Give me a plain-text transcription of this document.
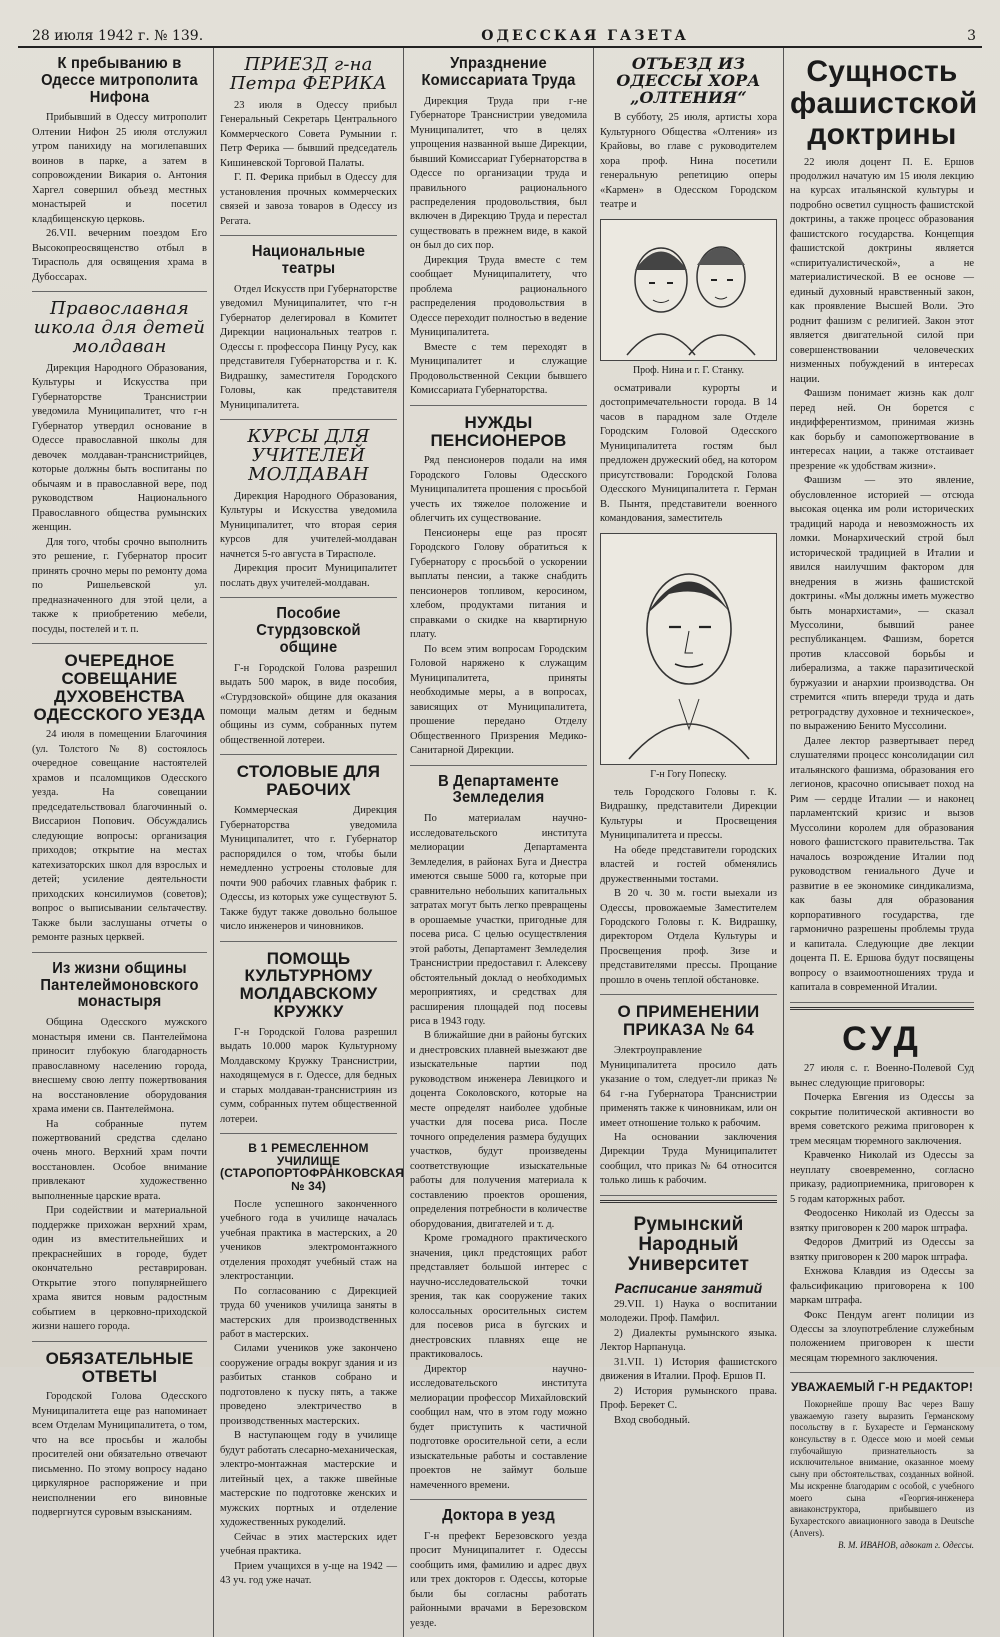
28 июля 1942 г. № 139.	ОДЕССКАЯ ГАЗЕТА	3
К пребыванию в Одессе митрополита Нифона

Прибывший в Одессу митрополит Олтении Нифон 25 июля отслужил утром панихиду на могилепавших воинов в парке, а затем в сопровождении Викария о. Антония Харгел совершил объезд местных монастырей и посетил кладбищенскую церковь.

26.VII. вечерним поездом Его Высокопреосвященство отбыл в Тирасполь для освящения храма в Дубоссарах.

Православная школа для детей молдаван

Дирекция Народного Образования, Культуры и Искусства при Губернаторстве Транснистрии уведомила Муниципалитет, что г-н Губернатор утвердил основание в Одессе православной школы для девочек молдаван-транснистрийцев, которые должны быть воспитаны по обычаям и в православной вере, под руководством Национального Православного общества румынских женщин.

Для того, чтобы срочно выполнить это решение, г. Губернатор просит принять срочно меры по ремонту дома по Ришельевской ул. предназначенного для этой цели, а также к приобретению мебели, посуды, постелей и т. п.

ОЧЕРЕДНОЕ СОВЕЩАНИЕ ДУХОВЕНСТВА ОДЕССКОГО УЕЗДА

24 июля в помещении Благочиния (ул. Толстого № 8) состоялось очередное совещание настоятелей храмов и псаломщиков Одесского уезда. На совещании председательствовал благочинный о. Виссарион Попович. Обсуждались следующие вопросы: организация приходов; открытие на местах катехизаторских школ для взрослых и детей; усиление деятельности приходских консилиумов (советов); вопрос о выписывании сельтачеству. Также были заслушаны отчеты о ремонте разных церквей.

Из жизни общины Пантелеймоновского монастыря

Община Одесского мужского монастыря имени св. Пантелеймона приносит глубокую благодарность православному населению города, внесшему свою лепту пожертвования на восстановление оборудования храма имени св. Пантелеймона.

На собранные путем пожертвований средства сделано очень много. Верхний храм почти восстановлен. Особое внимание привлекают художественно выполненные царские врата.

При содействии и материальной поддержке прихожан верхний храм, один из вместительнейших и прекраснейших в городе, будет окончательно реставрирован. Открытие этого популярнейшего храма явится новым радостным событием в церковно-приходской жизни нашего города.

ОБЯЗАТЕЛЬНЫЕ ОТВЕТЫ

Городской Голова Одесского Муниципалитета еще раз напоминает всем Отделам Муниципалитета, о том, что на все просьбы и жалобы просителей они обязательно отвечают письменно. По этому вопросу надано циркулярное распоряжение и при неисполнении его виновные подвергнутся суровым взысканиям.

ПРИЕЗД г-на Петра ФЕРИКА

23 июля в Одессу прибыл Генеральный Секретарь Центрального Коммерческого Совета Румынии г. Петр Ферика — бывший председатель Кишиневской Торговой Палаты.

Г. П. Ферика прибыл в Одессу для установления прочных коммерческих связей и завоза товаров в Одессу из Регата.

Национальные театры

Отдел Искусств при Губернаторстве уведомил Муниципалитет, что г-н Губернатор делегировал в Комитет Дирекции национальных театров г. Одессы г. профессора Пинцу Русу, как представителя Губернаторства и г. К. Видрашку, заместителя Городского Головы, как представителя Муниципалитета.

КУРСЫ ДЛЯ УЧИТЕЛЕЙ МОЛДАВАН

Дирекция Народного Образования, Культуры и Искусства уведомила Муниципалитет, что вторая серия курсов для учителей-молдаван начнется 5-го августа в Тирасполе.

Дирекция просит Муниципалитет послать двух учителей-молдаван.

Пособие Стурдзовской общине

Г-н Городской Голова разрешил выдать 500 марок, в виде пособия, «Стурдзовской» общине для оказания помощи малым детям и бедным общины из сумм, собранных путем общественной лотереи.

СТОЛОВЫЕ ДЛЯ РАБОЧИХ

Коммерческая Дирекция Губернаторства уведомила Муниципалитет, что г. Губернатор распорядился о том, чтобы были немедленно устроены столовые для почти 900 рабочих главных фабрик г. Одессы, из которых уже существуют 5. Также будут также довольно большое число инженеров и чиновников.

ПОМОЩЬ КУЛЬТУРНОМУ МОЛДАВСКОМУ КРУЖКУ

Г-н Городской Голова разрешил выдать 10.000 марок Культурному Молдавскому Кружку Транснистрии, находящемуся в г. Одессе, для бедных и старых молдаван-транснистриян из сумм, собранных путем общественной лотереи.

В 1 РЕМЕСЛЕННОМ УЧИЛИЩЕ (СТАРОПОРТОФРАНКОВСКАЯ № 34)

После успешного законченного учебного года в училище началась учебная практика в мастерских, а 20 учеников электромонтажного отделения проходят учебный стаж на электростанции.

По согласованию с Дирекцией труда 60 учеников училища заняты в мастерских для производственных работ в мастерских.

Силами учеников уже закончено сооружение ограды вокруг здания и из разбитых станков собрано и подготовлено к пуску пять, а также проведено электричество в производственных мастерских.

В наступающем году в училище будут работать слесарно-механическая, электро-монтажная мастерские и литейный цех, а также швейные мастерские по подготовке женских и мужских портных и отделение художественных рукоделий.

Сейчас в этих мастерских идет учебная практика.

Прием учащихся в у-ще на 1942 — 43 уч. год уже начат.

Упразднение Комиссариата Труда

Дирекция Труда при г-не Губернаторе Транснистрии уведомила Муниципалитет, что в целях упрощения названной выше Дирекции, бывший Комиссариат Губернаторства в Одессе по организации труда и правильного рационального распределения продовольствия, был включен в Дирекцию Труда и перестал существовать в прежнем виде, в какой он был до сих пор.

Дирекция Труда вместе с тем сообщает Муниципалитету, что проблема рационального распределения продовольствия в Одессе переходит полностью в ведение Муниципалитета.

Вместе с тем переходят в Муниципалитет и служащие Продовольственной Секции бывшего Комиссариата Губернаторства.

НУЖДЫ ПЕНСИОНЕРОВ

Ряд пенсионеров подали на имя Городского Головы Одесского Муниципалитета прошения с просьбой учесть их тяжелое положение и облегчить их существование.

Пенсионеры еще раз просят Городского Голову обратиться к Губернатору с просьбой о ускорении выплаты пенсии, а также снабдить пенсионеров топливом, керосином, хлебом, продуктами питания и справками о скидке на квартирную плату.

По всем этим вопросам Городским Головой наряжено к служащим Муниципалитета, приняты необходимые меры, а в вопросах, зависящих от Муниципалитета, прошение передано Отделу Общественного Призрения Медико-Санитарной Дирекции.

В Департаменте Земледелия

По материалам научно-исследовательского института мелиорации Департамента Земледелия, в районах Буга и Днестра имеются свыше 5000 га, которые при сравнительно небольших капитальных затратах могут быть легко превращены в орошаемые участки, пригодные для посева риса. С целью осуществления этой работы, Департамент Земледелия Транснистрии предоставил г. Алексеву обстоятельный доклад о необходимых мероприятиях, и средствах для расширения площадей под посевы риса в 1943 году.

В ближайшие дни в районы бугских и днестровских плавней выезжают две изыскательные партии под руководством инженера Левицкого и доцента Соколовского, которые на месте определят наиболее удобные участки для посева риса. После точного определения размера будущих участков, будут произведены соответствующие изыскательные работы для получения материала к составлению проектов орошения, определения потребности в количестве оборудования, двигателей и т. д.

Кроме громадного практического значения, цикл предстоящих работ представляет большой интерес с научно-исследовательской точки зрения, так как сооружение таких колоссальных оросительных систем для посевов риса в бугских и днестровских плавнях еще не практиковалось.

Директор научно-исследовательского института мелиорации профессор Михайловский сообщил нам, что в этом году можно будет приступить к частичной подготовке оросительной сети, а если изыскательные работы и составление проектов не займут больше намеченного времени.

Доктора в уезд

Г-н префект Березовского уезда просит Муниципалитет г. Одессы сообщить имя, фамилию и адрес двух или трех докторов г. Одессы, которые были бы согласны работать районными врачами в Березовском уезде.

ОТЪЕЗД ИЗ ОДЕССЫ ХОРА „ОЛТЕНИЯ“

В субботу, 25 июля, артисты хора Культурного Общества «Олтения» из Крайовы, во главе с руководителем хора проф. Нина посетили генеральную репетицию оперы «Кармен» в Одесском Городском театре и

Проф. Нина и г. Г. Станку.

осматривали курорты и достопримечательности города. В 14 часов в парадном зале Отделе Городским Головой Одесского Муниципалитета гостям был предложен дружеский обед, на котором присутствовали: Городской Голова Одесского Муниципалитета г. Герман В. Пынтя, представители военного командования, заместитель

Г-н Гогу Попеску.

тель Городского Головы г. К. Видрашку, представители Дирекции Культуры и Просвещения Муниципалитета и прессы.

На обеде представители городских властей и гостей обменялись дружественными тостами.

В 20 ч. 30 м. гости выехали из Одессы, провожаемые Заместителем Городского Головы г. К. Видрашку, директором Отдела Культуры и Просвещения проф. Зизе и представителями прессы. Прощание прошло в очень теплой обстановке.

О ПРИМЕНЕНИИ ПРИКАЗА № 64

Электроуправление Муниципалитета просило дать указание о том, следует-ли приказ № 64 г-на Губернатора Транснистрии применять также к чиновникам, или он имеет отношение только к рабочим.

На основании заключения Дирекции Труда Муниципалитет сообщил, что приказ № 64 относится только лишь к рабочим.

Румынский Народный Университет
Расписание занятий

29.VII. 1) Наука о воспитании молодежи. Проф. Памфил.

2) Диалекты румынского языка. Лектор Нарпануца.

31.VII. 1) История фашистского движения в Италии. Проф. Ершов П.

2) История румынского права. Проф. Берекет С.

Вход свободный.

Сущность фашистской доктрины

22 июля доцент П. Е. Ершов продолжил начатую им 15 июля лекцию на курсах итальянской культуры и подробно осветил сущность фашистской доктрины, а также процесс образования фашистского государства. Концепция фашистской доктрины является «спиритуалистической», а не материалистической. В ее основе — единый духовный нравственный закон, как проявление Высшей Воли. Это роднит фашизм с религией. Закон этот является двигательной силой при совершенствовании человеческих низменных побуждений в интересах нации.

Фашизм понимает жизнь как долг перед ней. Он борется с индифферентизмом, принимая жизнь как борьбу и самопожертвование в интересах нации, а также отстаивает презрение «к удобствам жизни».

Фашизм — это явление, обусловленное историей — отсюда высокая оценка им роли исторических традиций народа и невозможность их ломки. Монархический строй был исторической традицией в Италии и явился наилучшим фактором для внедрения в жизнь фашистской доктрины. «Мы должны иметь мужество быть монархистами», — сказал Муссолини, бывший ранее республиканцем. Фашизм, борется против классовой борьбы и либерализма, а также паразитической буржуазии и анархии производства. Он стремится «пить впереди труда и дать ретроградству духовное и техническое», по выражению Бенито Муссолини.

Далее лектор развертывает перед слушателями процесс консолидации сил итальянского фашизма, образования его легионов, красочно описывает поход на Рим — сердце Италии — и наконец парламентский кризис и вызов Муссолини королем для образования нового фашистского правительства. Так началось возрождение Италии под руководством гениального Дуче и развитие в ее экономике синдикализма, как базы для образования корпоративного государства, где гармонично разрешены проблемы труда и капитала. Следующие две лекции доцента П. Е. Ершова будут посвящены вопросу о взаимоотношениях труда и капитала в современной Италии.

СУД

27 июля с. г. Военно-Полевой Суд вынес следующие приговоры:

Почерка Евгения из Одессы за сокрытие политической активности во время советского режима приговорен к трем месяцам тюремного заключения.

Кравченко Николай из Одессы за неуплату своевременно, согласно приказу, радиоприемника, приговорен к 5 годам каторжных работ.

Феодосенко Николай из Одессы за взятку приговорен к 200 марок штрафа.

Федоров Дмитрий из Одессы за взятку приговорен к 200 марок штрафа.

Ехнжова Клавдия из Одессы за фальсификацию приговорена к 100 маркам штрафа.

Фокс Пендум агент полиции из Одессы за злоупотребление служебным положением приговорен к шести месяцам тюремного заключения.

УВАЖАЕМЫЙ Г-Н РЕДАКТОР!

Покорнейше прошу Вас через Вашу уважаемую газету выразить Германскому посольству в г. Бухаресте и Германскому консульству в г. Одессе мою и моей семьи глубочайшую признательность за исключительное внимание, оказанное моему сыну при обстоятельствах, созданных войной. Мы искренне благодарим с особой, с учебного моего сына «Георгия-инженера авиаконструктора, прибывшего из Бухарестского авиационного завода в Deutsche (Anvers).

В. М. ИВАНОВ, адвокат г. Одессы.
